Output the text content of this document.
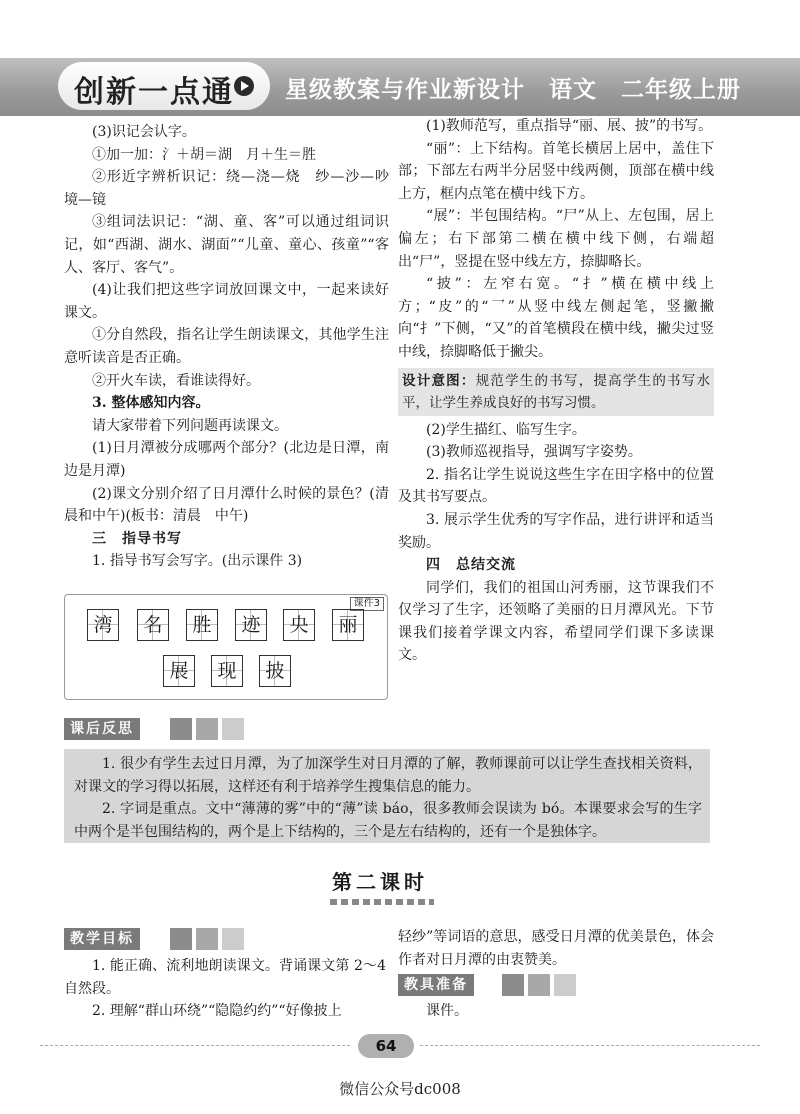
创新一点通 星级教案与作业新设计　语文　二年级上册

(3)识记会认字。

①加一加：氵＋胡＝湖　月＋生＝胜

②形近字辨析识记：绕—浇—烧　纱—沙—吵　境—镜

③组词法识记：“湖、童、客”可以通过组词识记，如“西湖、湖水、湖面”“儿童、童心、孩童”“客人、客厅、客气”。

(4)让我们把这些字词放回课文中，一起来读好课文。

①分自然段，指名让学生朗读课文，其他学生注意听读音是否正确。

②开火车读，看谁读得好。

3. 整体感知内容。

请大家带着下列问题再读课文。

(1)日月潭被分成哪两个部分？(北边是日潭，南边是月潭)

(2)课文分别介绍了日月潭什么时候的景色？(清晨和中午)(板书：清晨　中午)

三　指导书写

1. 指导书写会写字。(出示课件 3)

课件3
湾	名	胜	迹	央	丽
展	现	披

(1)教师范写，重点指导“丽、展、披”的书写。

“丽”：上下结构。首笔长横居上居中，盖住下部；下部左右两半分居竖中线两侧，顶部在横中线上方，框内点笔在横中线下方。

“展”：半包围结构。“尸”从上、左包围，居上偏左；右下部第二横在横中线下侧，右端超出“尸”，竖提在竖中线左方，捺脚略长。

“披”：左窄右宽。“扌”横在横中线上方；“皮”的“乛”从竖中线左侧起笔，竖撇撇向“扌”下侧，“又”的首笔横段在横中线，撇尖过竖中线，捺脚略低于撇尖。

设计意图：规范学生的书写，提高学生的书写水平，让学生养成良好的书写习惯。

(2)学生描红、临写生字。

(3)教师巡视指导，强调写字姿势。

2. 指名让学生说说这些生字在田字格中的位置及其书写要点。

3. 展示学生优秀的写字作品，进行讲评和适当奖励。

四　总结交流

同学们，我们的祖国山河秀丽，这节课我们不仅学习了生字，还领略了美丽的日月潭风光。下节课我们接着学课文内容，希望同学们课下多读课文。

课后反思

1. 很少有学生去过日月潭，为了加深学生对日月潭的了解，教师课前可以让学生查找相关资料，对课文的学习得以拓展，这样还有利于培养学生搜集信息的能力。

2. 字词是重点。文中“薄薄的雾”中的“薄”读 báo，很多教师会误读为 bó。本课要求会写的生字中两个是半包围结构的，两个是上下结构的，三个是左右结构的，还有一个是独体字。

第二课时
教学目标

1. 能正确、流利地朗读课文。背诵课文第 2～4 自然段。

2. 理解“群山环绕”“隐隐约约”“好像披上

轻纱”等词语的意思，感受日月潭的优美景色，体会作者对日月潭的由衷赞美。

教具准备

课件。

64
微信公众号dc008
